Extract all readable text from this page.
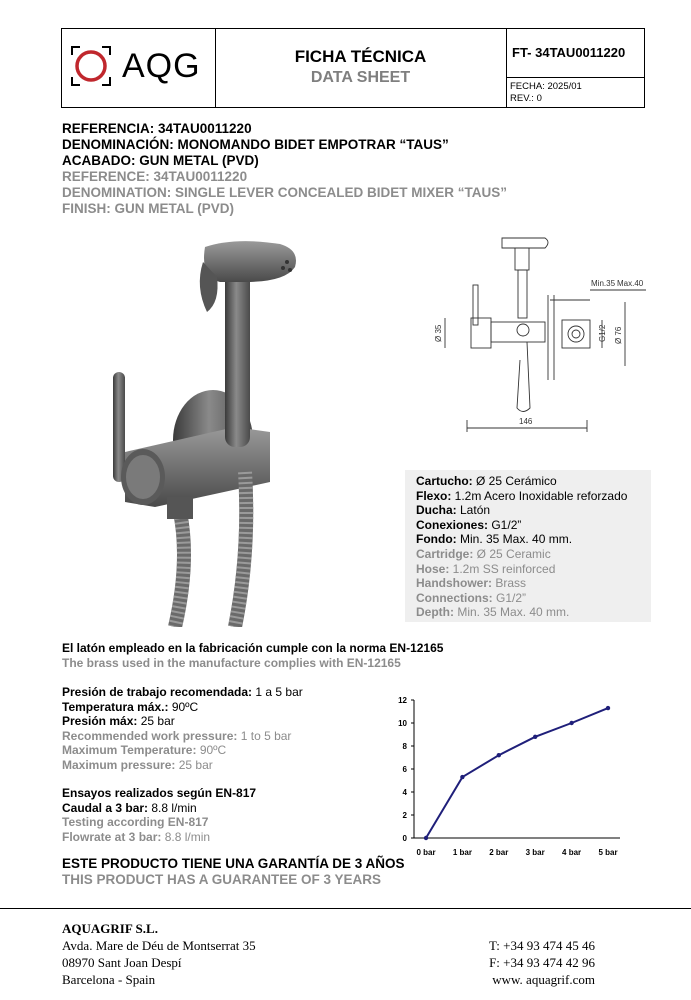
AQG	FICHA TÉCNICA
DATA SHEET
FT- 34TAU0011220
FECHA: 2025/01
REV.: 0
REFERENCIA: 34TAU0011220
DENOMINACIÓN: MONOMANDO BIDET EMPOTRAR “TAUS”
ACABADO: GUN METAL (PVD)
REFERENCE: 34TAU0011220
DENOMINATION: SINGLE LEVER CONCEALED BIDET MIXER “TAUS”
FINISH: GUN METAL (PVD)
Min.35 Max.40
Ø 35	G1/2 Ø 76
146
Cartucho: Ø 25 Cerámico
Flexo: 1.2m Acero Inoxidable reforzado
Ducha: Latón
Conexiones: G1/2”
Fondo: Min. 35 Max. 40 mm.
Cartridge: Ø 25 Ceramic
Hose: 1.2m SS reinforced
Handshower: Brass
Connections: G1/2”
Depth: Min. 35 Max. 40 mm.
El latón empleado en la fabricación cumple con la norma EN-12165
The brass used in the manufacture complies with EN-12165
Presión de trabajo recomendada: 1 a 5 bar
Temperatura máx.: 90ºC
Presión máx: 25 bar
Recommended work pressure: 1 to 5 bar
Maximum Temperature: 90ºC
Maximum pressure: 25 bar
Ensayos realizados según EN-817
Caudal a 3 bar: 8.8 l/min
Testing according EN-817
Flowrate at 3 bar: 8.8 l/min	0
2
4
6
8
10
12
0 bar 1 bar 2 bar 3 bar 4 bar 5 bar
ESTE PRODUCTO TIENE UNA GARANTÍA DE 3 AÑOS
THIS PRODUCT HAS A GUARANTEE OF 3 YEARS
AQUAGRIF S.L.
Avda. Mare de Déu de Montserrat 35
08970 Sant Joan Despí
Barcelona - Spain
T: +34 93 474 45 46
F: +34 93 474 42 96
www. aquagrif.com
